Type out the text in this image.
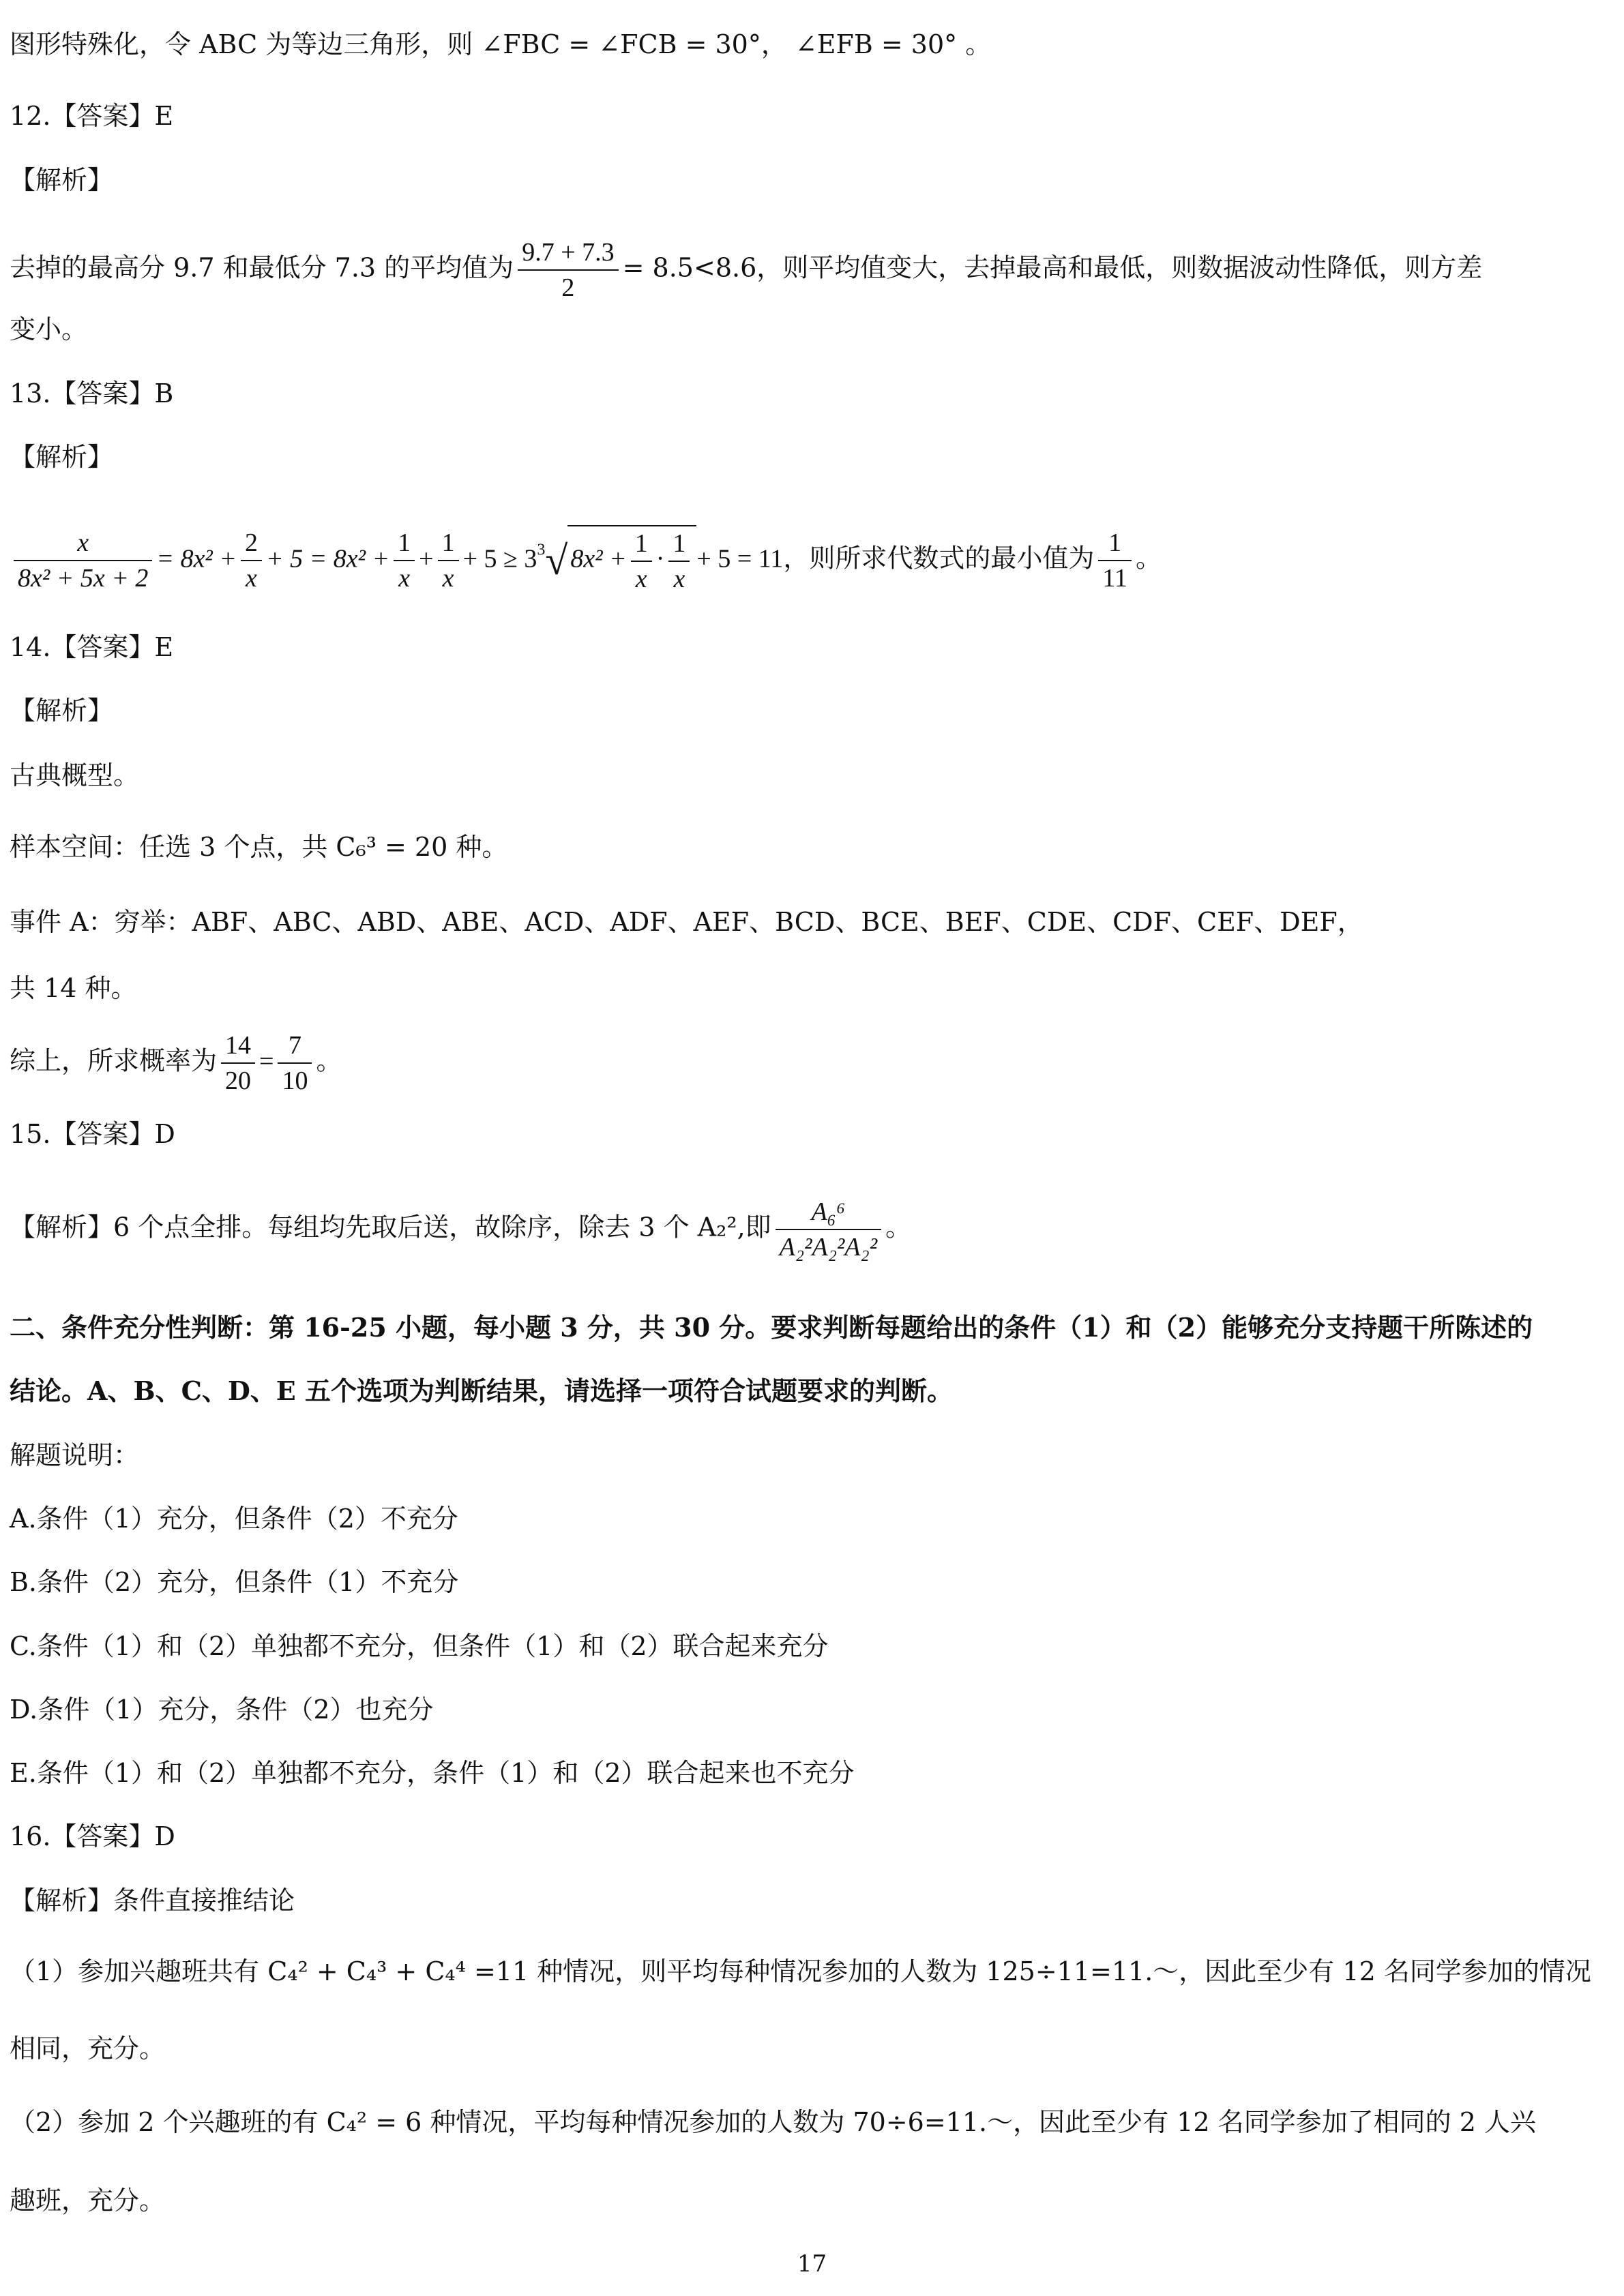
图形特殊化，令 ABC 为等边三角形，则 ∠FBC = ∠FCB = 30°， ∠EFB = 30° 。
12.【答案】E
【解析】
去掉的最高分 9.7 和最低分 7.3 的平均值为 $\frac{9.7 + 7.3}{2} = 8.5<8.6$，则平均值变大，去掉最高和最低，则数据波动性降低，则方差
变小。
13.【答案】B
【解析】
$\frac{x}{\text{8x² + 5x + 2}} = 8x^2 + \frac{2}{x} + 5 = 8x^2 + \frac{1}{x} + \frac{1}{x} + 5 \ge 3^3√$ $8x^2 + \frac{1}{x} \cdot \frac{1}{x} + 5 = 11$，则所求代数式的最小值为 $\frac{1}{11}$ 。
14.【答案】E
【解析】
古典概型。
样本空间：任选 3 个点，共 C₆³ = 20 种。
事件 A：穷举：ABF、ABC、ABD、ABE、ACD、ADF、AEF、BCD、BCE、BEF、CDE、CDF、CEF、DEF，
共 14 种。
综上，所求概率为 $\frac{14}{20} = \frac{7}{10}$ 。
15.【答案】D
【解析】6 个点全排。每组均先取后送，故除序，除去 3 个 A₂²,即 $\frac{\text{A₆⁶}}{\text{A₂²A₂²A₂²}}$ 。
二、条件充分性判断：第 16-25 小题，每小题 3 分，共 30 分。要求判断每题给出的条件（1）和（2）能够充分支持题干所陈述的
结论。A、B、C、D、E 五个选项为判断结果，请选择一项符合试题要求的判断。
解题说明：
A.条件（1）充分，但条件（2）不充分
B.条件（2）充分，但条件（1）不充分
C.条件（1）和（2）单独都不充分，但条件（1）和（2）联合起来充分
D.条件（1）充分，条件（2）也充分
E.条件（1）和（2）单独都不充分，条件（1）和（2）联合起来也不充分
16.【答案】D
【解析】条件直接推结论
（1）参加兴趣班共有 C₄² + C₄³ + C₄⁴ =11 种情况，则平均每种情况参加的人数为 125÷11=11.～，因此至少有 12 名同学参加的情况
相同，充分。
（2）参加 2 个兴趣班的有 C₄² = 6 种情况，平均每种情况参加的人数为 70÷6=11.～，因此至少有 12 名同学参加了相同的 2 人兴
趣班，充分。
17
